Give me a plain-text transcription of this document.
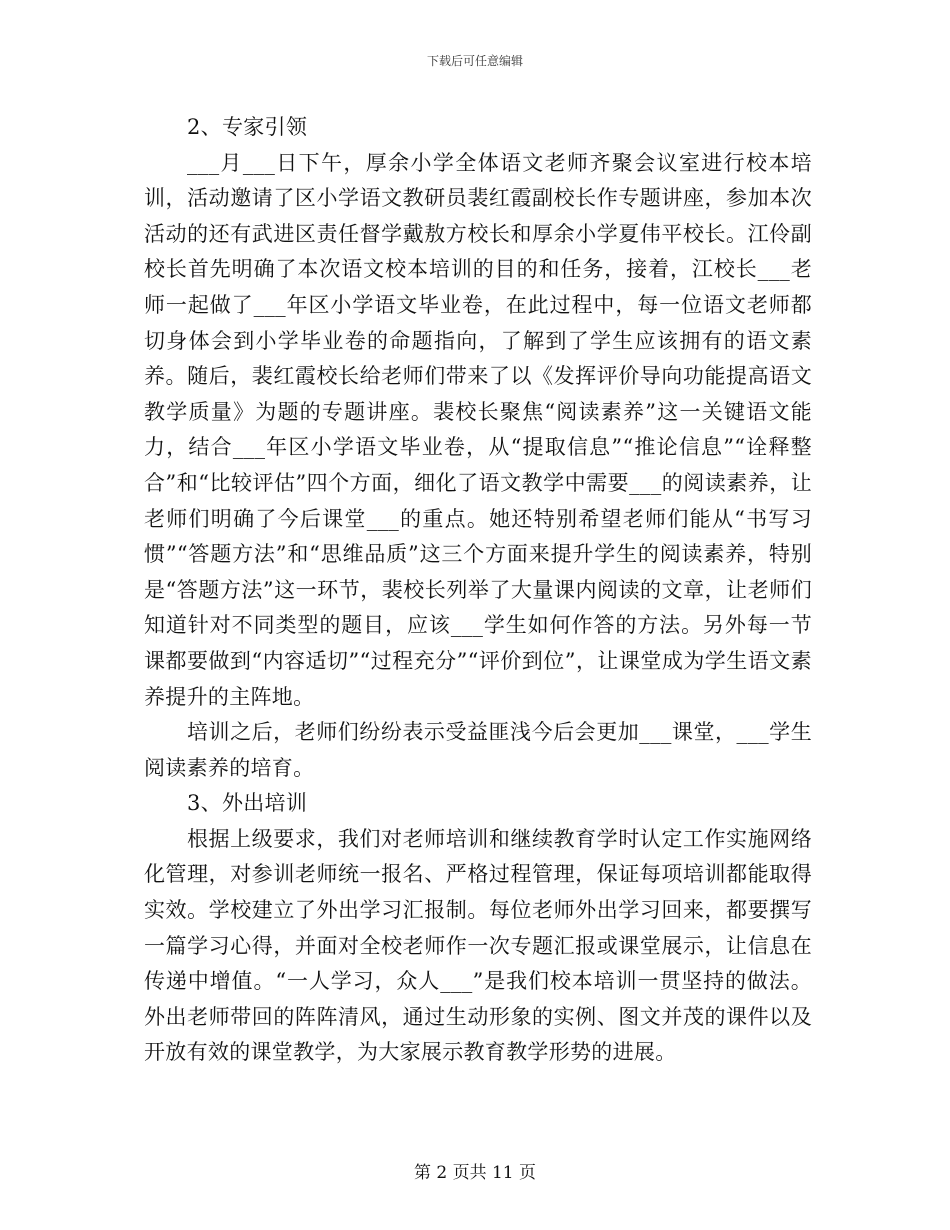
下载后可任意编辑

2、专家引领

___月___日下午，厚余小学全体语文老师齐聚会议室进行校本培训，活动邀请了区小学语文教研员裴红霞副校长作专题讲座，参加本次活动的还有武进区责任督学戴敖方校长和厚余小学夏伟平校长。江伶副校长首先明确了本次语文校本培训的目的和任务，接着，江校长___老师一起做了___年区小学语文毕业卷，在此过程中，每一位语文老师都切身体会到小学毕业卷的命题指向，了解到了学生应该拥有的语文素养。随后，裴红霞校长给老师们带来了以《发挥评价导向功能提高语文教学质量》为题的专题讲座。裴校长聚焦“阅读素养”这一关键语文能力，结合___年区小学语文毕业卷，从“提取信息”“推论信息”“诠释整合”和“比较评估”四个方面，细化了语文教学中需要___的阅读素养，让老师们明确了今后课堂___的重点。她还特别希望老师们能从“书写习惯”“答题方法”和“思维品质”这三个方面来提升学生的阅读素养，特别是“答题方法”这一环节，裴校长列举了大量课内阅读的文章，让老师们知道针对不同类型的题目，应该___学生如何作答的方法。另外每一节课都要做到“内容适切”“过程充分”“评价到位”，让课堂成为学生语文素养提升的主阵地。

培训之后，老师们纷纷表示受益匪浅今后会更加___课堂，___学生阅读素养的培育。

3、外出培训

根据上级要求，我们对老师培训和继续教育学时认定工作实施网络化管理，对参训老师统一报名、严格过程管理，保证每项培训都能取得实效。学校建立了外出学习汇报制。每位老师外出学习回来，都要撰写一篇学习心得，并面对全校老师作一次专题汇报或课堂展示，让信息在传递中增值。“一人学习，众人___”是我们校本培训一贯坚持的做法。外出老师带回的阵阵清风，通过生动形象的实例、图文并茂的课件以及开放有效的课堂教学，为大家展示教育教学形势的进展。

第 2 页共 11 页
